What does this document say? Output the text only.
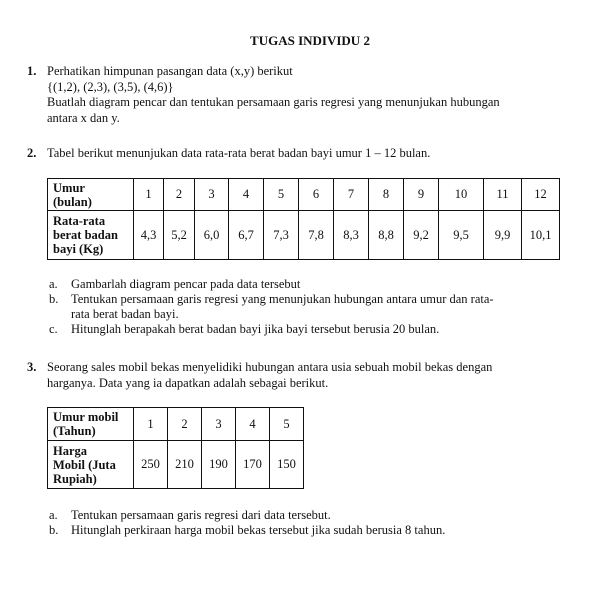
TUGAS INDIVIDU 2
1. Perhatikan himpunan pasangan data (x,y) berikut
{(1,2), (2,3), (3,5), (4,6)}
Buatlah diagram pencar dan tentukan persamaan garis regresi yang menunjukan hubungan
antara x dan y.
2. Tabel berikut menunjukan data rata-rata berat badan bayi umur 1 – 12 bulan.
Umur
(bulan)	1	2	3	4	5	6	7	8	9	10	11	12

Rata-rata
berat badan
bayi (Kg)	4,3	5,2	6,0	6,7	7,3	7,8	8,3	8,8	9,2	9,5	9,9	10,1
a.	Gambarlah diagram pencar pada data tersebut
b.	Tentukan persamaan garis regresi yang menunjukan hubungan antara umur dan rata-
rata berat badan bayi.
c.	Hitunglah berapakah berat badan bayi jika bayi tersebut berusia 20 bulan.
3. Seorang sales mobil bekas menyelidiki hubungan antara usia sebuah mobil bekas dengan
harganya. Data yang ia dapatkan adalah sebagai berikut.
Umur mobil
(Tahun)	1	2	3	4	5

Harga
Mobil (Juta
Rupiah)	250	210	190	170	150
a.	Tentukan persamaan garis regresi dari data tersebut.
b.	Hitunglah perkiraan harga mobil bekas tersebut jika sudah berusia 8 tahun.
